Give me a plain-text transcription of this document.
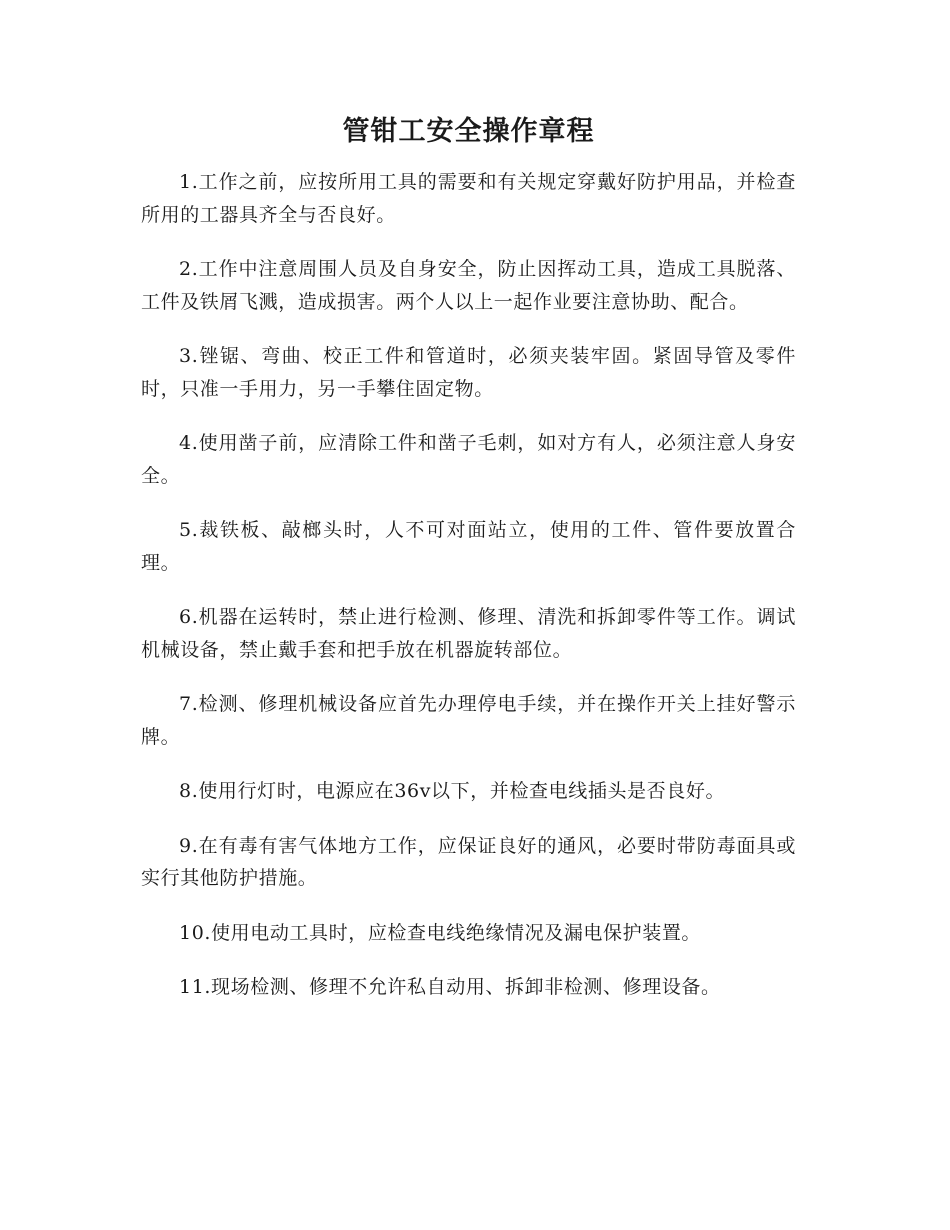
管钳工安全操作章程

1.工作之前，应按所用工具的需要和有关规定穿戴好防护用品，并检查所用的工器具齐全与否良好。

2.工作中注意周围人员及自身安全，防止因挥动工具，造成工具脱落、工件及铁屑飞溅，造成损害。两个人以上一起作业要注意协助、配合。

3.锉锯、弯曲、校正工件和管道时，必须夹装牢固。紧固导管及零件时，只准一手用力，另一手攀住固定物。

4.使用凿子前，应清除工件和凿子毛刺，如对方有人，必须注意人身安全。

5.裁铁板、敲榔头时，人不可对面站立，使用的工件、管件要放置合理。

6.机器在运转时，禁止进行检测、修理、清洗和拆卸零件等工作。调试机械设备，禁止戴手套和把手放在机器旋转部位。

7.检测、修理机械设备应首先办理停电手续，并在操作开关上挂好警示牌。

8.使用行灯时，电源应在36v以下，并检查电线插头是否良好。

9.在有毒有害气体地方工作，应保证良好的通风，必要时带防毒面具或实行其他防护措施。

10.使用电动工具时，应检查电线绝缘情况及漏电保护装置。

11.现场检测、修理不允许私自动用、拆卸非检测、修理设备。
